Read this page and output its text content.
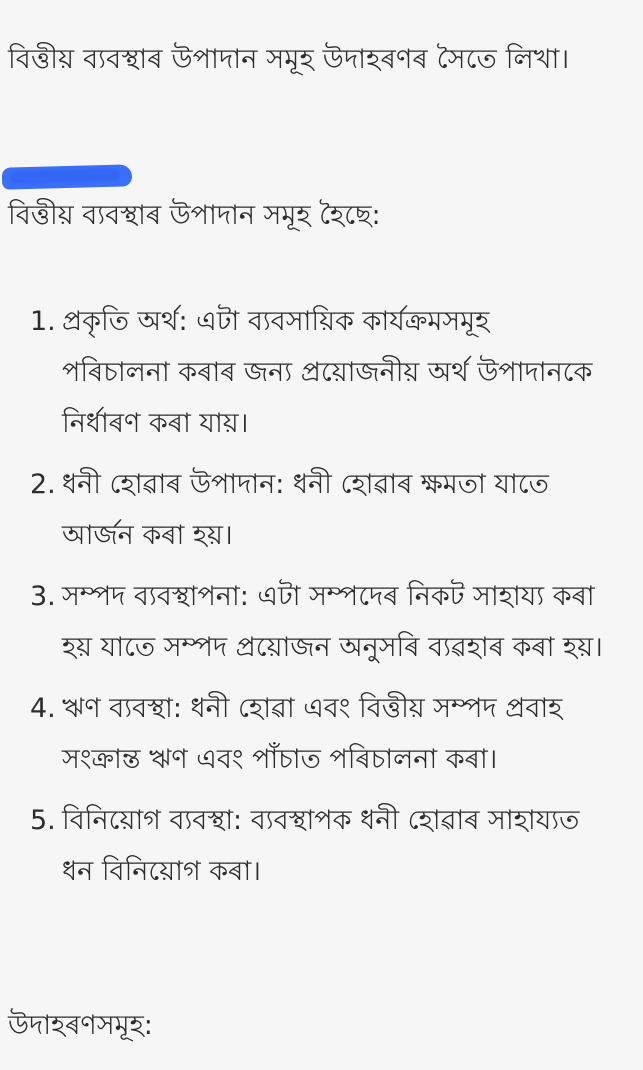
বিত্তীয় ব্যবস্থাৰ উপাদান সমূহ উদাহৰণৰ সৈতে লিখা।
বিত্তীয় ব্যবস্থাৰ উপাদান সমূহ হৈছে:
1. প্ৰকৃতি অৰ্থ: এটা ব্যবসায়িক কাৰ্যক্ৰমসমূহ পৰিচালনা কৰাৰ জন্য প্ৰয়োজনীয় অৰ্থ উপাদানকে নিৰ্ধাৰণ কৰা যায়।
2. ধনী হোৱাৰ উপাদান: ধনী হোৱাৰ ক্ষমতা যাতে আৰ্জন কৰা হয়।
3. সম্পদ ব্যবস্থাপনা: এটা সম্পদেৰ নিকট সাহায্য কৰা হয় যাতে সম্পদ প্ৰয়োজন অনুসৰি ব্যৱহাৰ কৰা হয়।
4. ঋণ ব্যবস্থা: ধনী হোৱা এবং বিত্তীয় সম্পদ প্ৰবাহ সংক্ৰান্ত ঋণ এবং পাঁচাত পৰিচালনা কৰা।
5. বিনিয়োগ ব্যবস্থা: ব্যবস্থাপক ধনী হোৱাৰ সাহায্যত ধন বিনিয়োগ কৰা।
উদাহৰণসমূহ:
